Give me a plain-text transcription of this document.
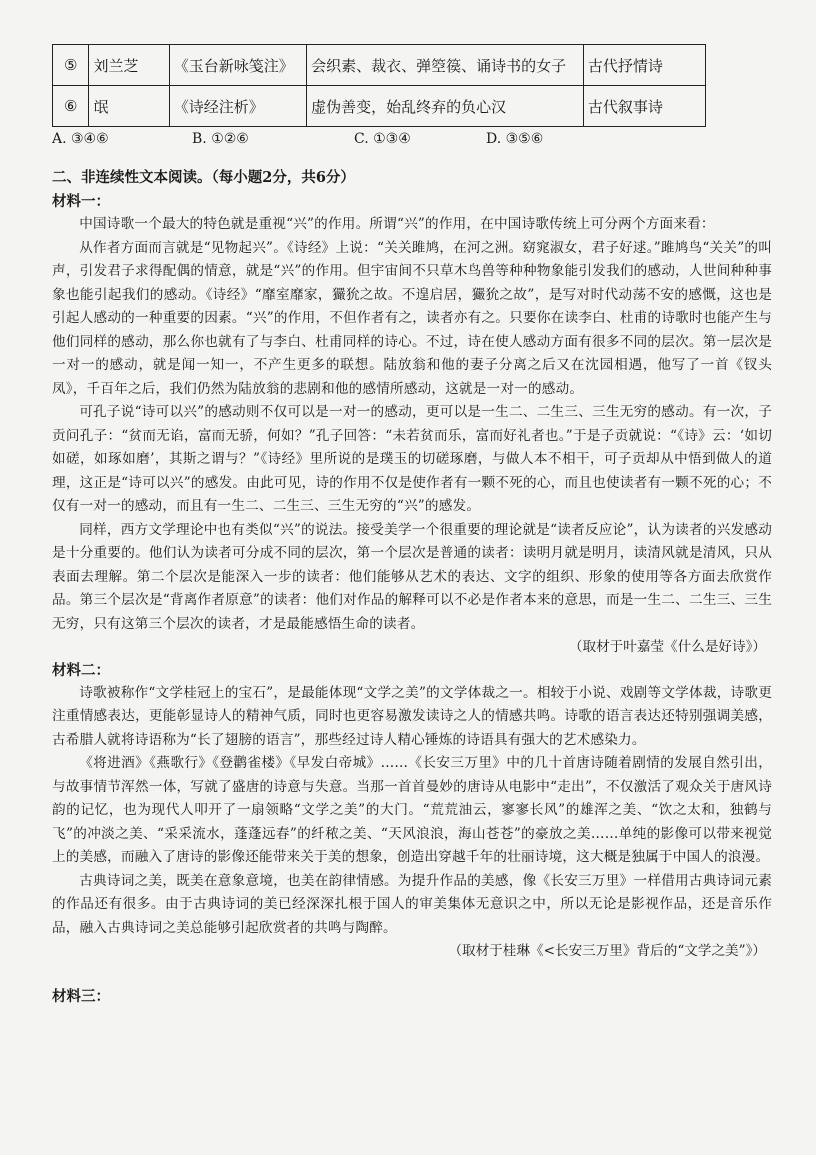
⑤	刘兰芝	《玉台新咏笺注》	会织素、裁衣、弹箜篌、诵诗书的女子	古代抒情诗
⑥	氓	《诗经注析》	虚伪善变，始乱终弃的负心汉	古代叙事诗
A. ③④⑥	B. ①②⑥	C. ①③④	D. ③⑤⑥
二、非连续性文本阅读。（每小题2分，共6分）
材料一：

中国诗歌一个最大的特色就是重视“兴”的作用。所谓“兴”的作用，在中国诗歌传统上可分两个方面来看：

从作者方面而言就是“见物起兴”。《诗经》上说：“关关雎鸠，在河之洲。窈窕淑女，君子好逑。”雎鸠鸟“关关”的叫声，引发君子求得配偶的情意，就是“兴”的作用。但宇宙间不只草木鸟兽等种种物象能引发我们的感动，人世间种种事象也能引起我们的感动。《诗经》“靡室靡家，玁狁之故。不遑启居，玁狁之故”，是写对时代动荡不安的感慨，这也是引起人感动的一种重要的因素。“兴”的作用，不但作者有之，读者亦有之。只要你在读李白、杜甫的诗歌时也能产生与他们同样的感动，那么你也就有了与李白、杜甫同样的诗心。不过，诗在使人感动方面有很多不同的层次。第一层次是一对一的感动，就是闻一知一，不产生更多的联想。陆放翁和他的妻子分离之后又在沈园相遇，他写了一首《钗头凤》，千百年之后，我们仍然为陆放翁的悲剧和他的感情所感动，这就是一对一的感动。

可孔子说“诗可以兴”的感动则不仅可以是一对一的感动，更可以是一生二、二生三、三生无穷的感动。有一次，子贡问孔子：“贫而无谄，富而无骄，何如？”孔子回答：“未若贫而乐，富而好礼者也。”于是子贡就说：“《诗》云：‘如切如磋，如琢如磨’，其斯之谓与？”《诗经》里所说的是璞玉的切磋琢磨，与做人本不相干，可子贡却从中悟到做人的道理，这正是“诗可以兴”的感发。由此可见，诗的作用不仅是使作者有一颗不死的心，而且也使读者有一颗不死的心；不仅有一对一的感动，而且有一生二、二生三、三生无穷的“兴”的感发。

同样，西方文学理论中也有类似“兴”的说法。接受美学一个很重要的理论就是“读者反应论”，认为读者的兴发感动是十分重要的。他们认为读者可分成不同的层次，第一个层次是普通的读者：读明月就是明月，读清风就是清风，只从表面去理解。第二个层次是能深入一步的读者：他们能够从艺术的表达、文字的组织、形象的使用等各方面去欣赏作品。第三个层次是“背离作者原意”的读者：他们对作品的解释可以不必是作者本来的意思，而是一生二、二生三、三生无穷，只有这第三个层次的读者，才是最能感悟生命的读者。

（取材于叶嘉莹《什么是好诗》）
材料二：

诗歌被称作“文学桂冠上的宝石”，是最能体现“文学之美”的文学体裁之一。相较于小说、戏剧等文学体裁，诗歌更注重情感表达，更能彰显诗人的精神气质，同时也更容易激发读诗之人的情感共鸣。诗歌的语言表达还特别强调美感，古希腊人就将诗语称为“长了翅膀的语言”，那些经过诗人精心锤炼的诗语具有强大的艺术感染力。

《将进酒》《燕歌行》《登鹳雀楼》《早发白帝城》……《长安三万里》中的几十首唐诗随着剧情的发展自然引出，与故事情节浑然一体，写就了盛唐的诗意与失意。当那一首首曼妙的唐诗从电影中“走出”，不仅激活了观众关于唐风诗韵的记忆，也为现代人叩开了一扇领略“文学之美”的大门。“荒荒油云，寥寥长风”的雄浑之美、“饮之太和，独鹤与飞”的冲淡之美、“采采流水，蓬蓬远春”的纤秾之美、“天风浪浪，海山苍苍”的豪放之美……单纯的影像可以带来视觉上的美感，而融入了唐诗的影像还能带来关于美的想象，创造出穿越千年的壮丽诗境，这大概是独属于中国人的浪漫。

古典诗词之美，既美在意象意境，也美在韵律情感。为提升作品的美感，像《长安三万里》一样借用古典诗词元素的作品还有很多。由于古典诗词的美已经深深扎根于国人的审美集体无意识之中，所以无论是影视作品，还是音乐作品，融入古典诗词之美总能够引起欣赏者的共鸣与陶醉。

（取材于桂琳《<长安三万里》背后的“文学之美”》）
材料三：
